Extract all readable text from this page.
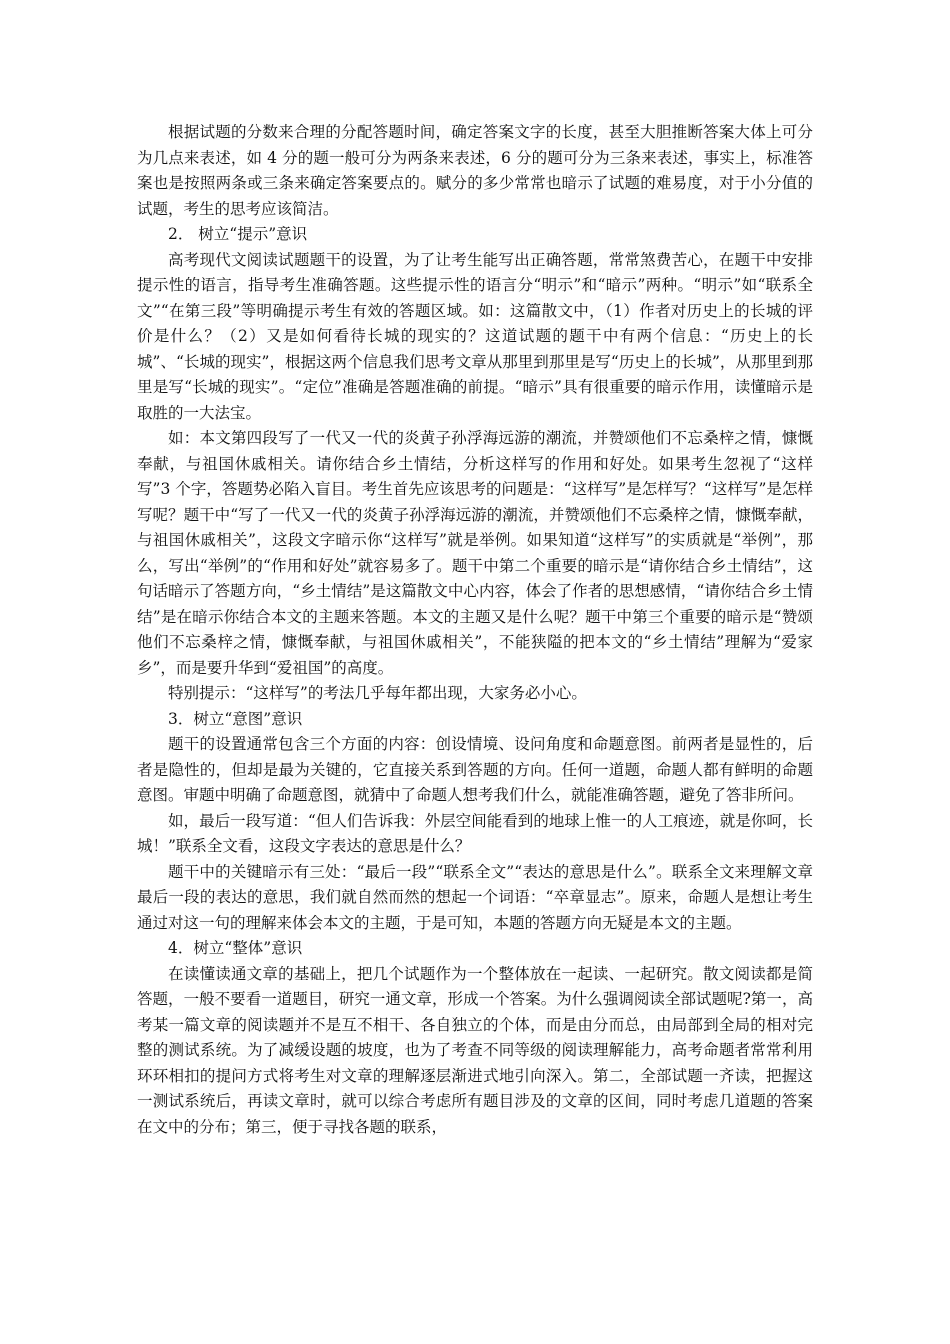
根据试题的分数来合理的分配答题时间，确定答案文字的长度，甚至大胆推断答案大体上可分为几点来表述，如 4 分的题一般可分为两条来表述，6 分的题可分为三条来表述，事实上，标准答案也是按照两条或三条来确定答案要点的。赋分的多少常常也暗示了试题的难易度，对于小分值的试题，考生的思考应该简洁。

2． 树立“提示”意识

高考现代文阅读试题题干的设置，为了让考生能写出正确答题，常常煞费苦心，在题干中安排提示性的语言，指导考生准确答题。这些提示性的语言分“明示”和“暗示”两种。“明示”如“联系全文”“在第三段”等明确提示考生有效的答题区域。如：这篇散文中，（1）作者对历史上的长城的评价是什么？（2）又是如何看待长城的现实的？这道试题的题干中有两个信息：“历史上的长城”、“长城的现实”，根据这两个信息我们思考文章从那里到那里是写“历史上的长城”，从那里到那里是写“长城的现实”。“定位”准确是答题准确的前提。“暗示”具有很重要的暗示作用，读懂暗示是取胜的一大法宝。

如：本文第四段写了一代又一代的炎黄子孙浮海远游的潮流，并赞颂他们不忘桑梓之情，慷慨奉献，与祖国休戚相关。请你结合乡土情结，分析这样写的作用和好处。如果考生忽视了“这样写”3 个字，答题势必陷入盲目。考生首先应该思考的问题是：“这样写”是怎样写？“这样写”是怎样写呢？题干中“写了一代又一代的炎黄子孙浮海远游的潮流，并赞颂他们不忘桑梓之情，慷慨奉献，与祖国休戚相关”，这段文字暗示你“这样写”就是举例。如果知道“这样写”的实质就是“举例”，那么，写出“举例”的“作用和好处”就容易多了。题干中第二个重要的暗示是“请你结合乡土情结”，这句话暗示了答题方向，“乡土情结”是这篇散文中心内容，体会了作者的思想感情，“请你结合乡土情结”是在暗示你结合本文的主题来答题。本文的主题又是什么呢？题干中第三个重要的暗示是“赞颂他们不忘桑梓之情，慷慨奉献，与祖国休戚相关”，不能狭隘的把本文的“乡土情结”理解为“爱家乡”，而是要升华到“爱祖国”的高度。

特别提示：“这样写”的考法几乎每年都出现，大家务必小心。

3．树立“意图”意识

题干的设置通常包含三个方面的内容：创设情境、设问角度和命题意图。前两者是显性的，后者是隐性的，但却是最为关键的，它直接关系到答题的方向。任何一道题，命题人都有鲜明的命题意图。审题中明确了命题意图，就猜中了命题人想考我们什么，就能准确答题，避免了答非所问。

如，最后一段写道：“但人们告诉我：外层空间能看到的地球上惟一的人工痕迹，就是你呵，长城！”联系全文看，这段文字表达的意思是什么？

题干中的关键暗示有三处：“最后一段”“联系全文”“表达的意思是什么”。联系全文来理解文章最后一段的表达的意思，我们就自然而然的想起一个词语：“卒章显志”。原来，命题人是想让考生通过对这一句的理解来体会本文的主题，于是可知，本题的答题方向无疑是本文的主题。

4．树立“整体”意识

在读懂读通文章的基础上，把几个试题作为一个整体放在一起读、一起研究。散文阅读都是简答题，一般不要看一道题目，研究一通文章，形成一个答案。为什么强调阅读全部试题呢?第一，高考某一篇文章的阅读题并不是互不相干、各自独立的个体，而是由分而总，由局部到全局的相对完整的测试系统。为了减缓设题的坡度，也为了考查不同等级的阅读理解能力，高考命题者常常利用环环相扣的提问方式将考生对文章的理解逐层渐进式地引向深入。第二，全部试题一齐读，把握这一测试系统后，再读文章时，就可以综合考虑所有题目涉及的文章的区间，同时考虑几道题的答案在文中的分布；第三，便于寻找各题的联系，
